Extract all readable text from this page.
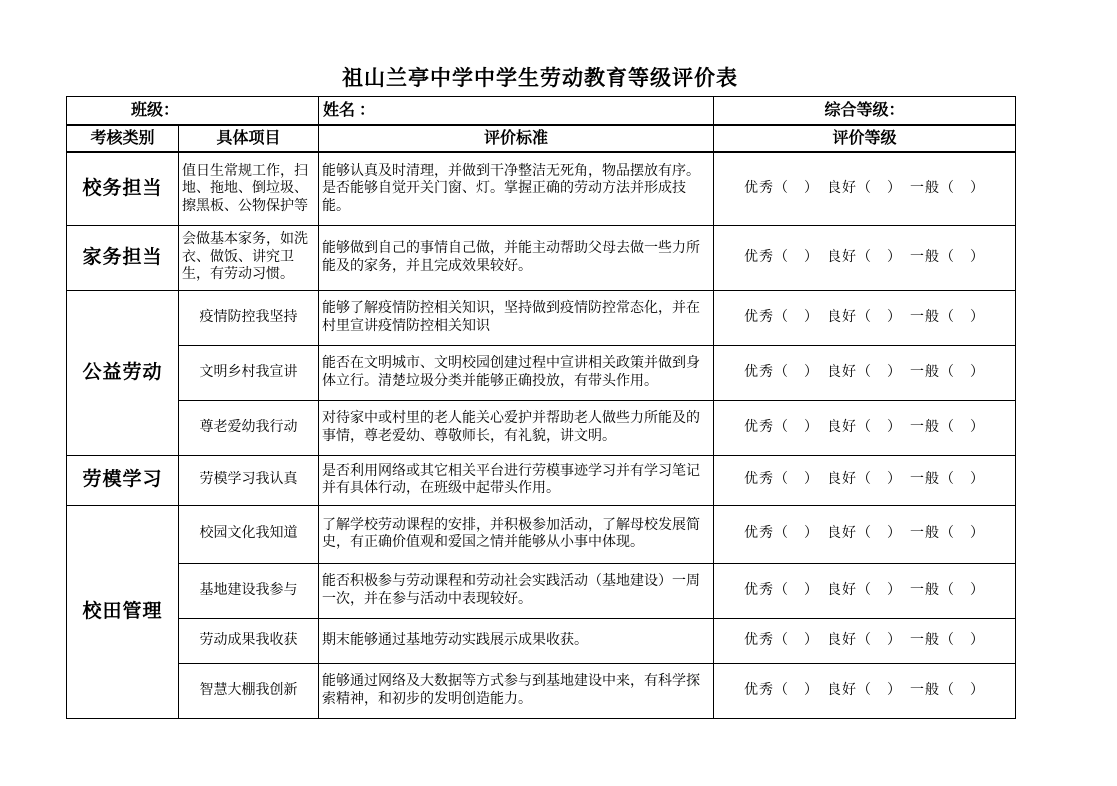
祖山兰亭中学中学生劳动教育等级评价表
班级：		姓名 ：	综合等级：
考核类别	具体项目	评价标准	评价等级
校务担当	值日生常规工作，扫地、拖地、倒垃圾、擦黑板、公物保护等	能够认真及时清理，并做到干净整洁无死角，物品摆放有序。是否能够自觉开关门窗、灯。掌握正确的劳动方法并形成技能。	优秀（　）　良好（　）　一般（　）
家务担当	会做基本家务，如洗衣、做饭、讲究卫生，有劳动习惯。	能够做到自己的事情自己做，并能主动帮助父母去做一些力所能及的家务，并且完成效果较好。	优秀（　）　良好（　）　一般（　）
公益劳动	疫情防控我坚持	能够了解疫情防控相关知识，坚持做到疫情防控常态化，并在村里宣讲疫情防控相关知识	优秀（　）　良好（　）　一般（　）
	文明乡村我宣讲	能否在文明城市、文明校园创建过程中宣讲相关政策并做到身体立行。清楚垃圾分类并能够正确投放，有带头作用。	优秀（　）　良好（　）　一般（　）
	尊老爱幼我行动	对待家中或村里的老人能关心爱护并帮助老人做些力所能及的事情，尊老爱幼、尊敬师长，有礼貌，讲文明。	优秀（　）　良好（　）　一般（　）
劳模学习	劳模学习我认真	是否利用网络或其它相关平台进行劳模事迹学习并有学习笔记并有具体行动，在班级中起带头作用。	优秀（　）　良好（　）　一般（　）
校田管理	校园文化我知道	了解学校劳动课程的安排，并积极参加活动，了解母校发展简史，有正确价值观和爱国之情并能够从小事中体现。	优秀（　）　良好（　）　一般（　）
	基地建设我参与	能否积极参与劳动课程和劳动社会实践活动（基地建设）一周一次，并在参与活动中表现较好。	优秀（　）　良好（　）　一般（　）
	劳动成果我收获	期末能够通过基地劳动实践展示成果收获。	优秀（　）　良好（　）　一般（　）
	智慧大棚我创新	能够通过网络及大数据等方式参与到基地建设中来，有科学探索精神，和初步的发明创造能力。	优秀（　）　良好（　）　一般（　）
